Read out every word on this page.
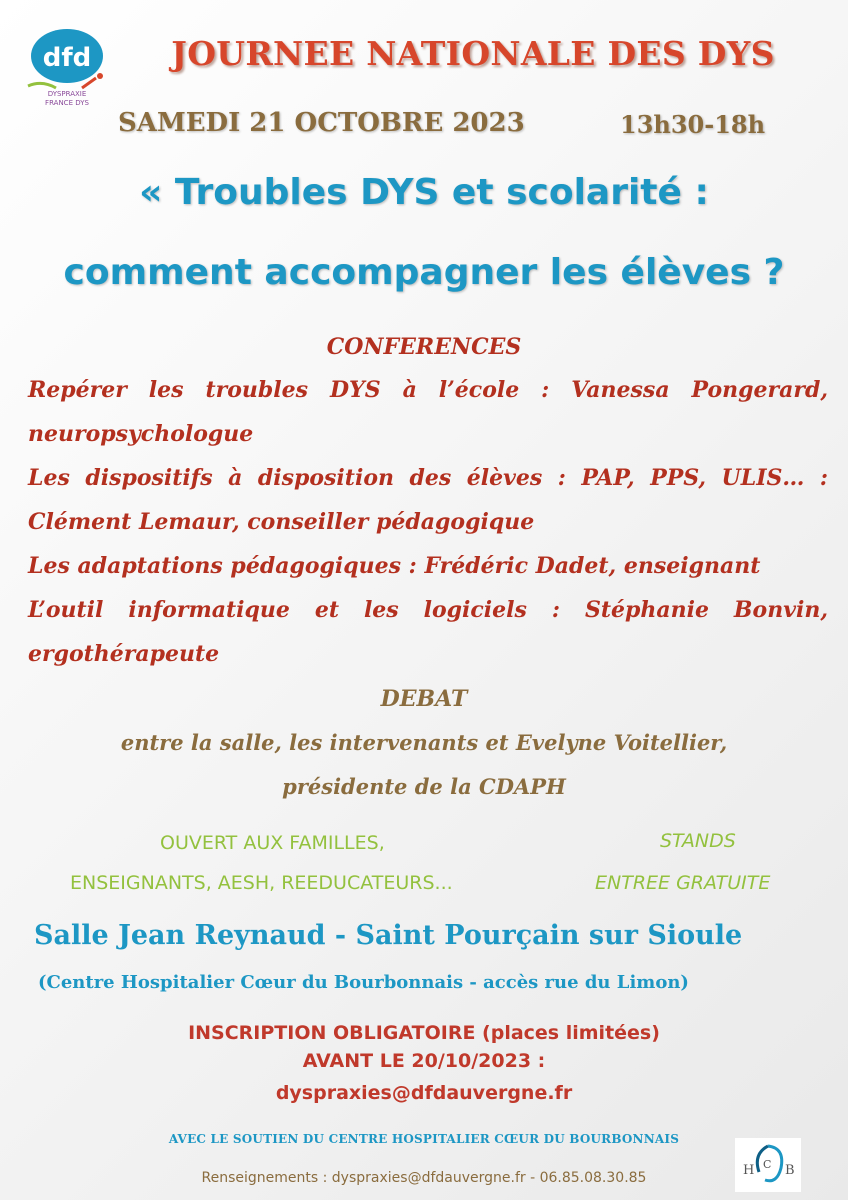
dfd
DYSPRAXIE
FRANCE DYS
JOURNEE NATIONALE DES DYS
SAMEDI 21 OCTOBRE 2023	13h30-18h
« Troubles DYS et scolarité :
comment accompagner les élèves ?
CONFERENCES

Repérer les troubles DYS à l’école : Vanessa Pongerard, neuropsychologue

Les dispositifs à disposition des élèves : PAP, PPS, ULIS… : Clément Lemaur, conseiller pédagogique

Les adaptations pédagogiques : Frédéric Dadet, enseignant

L’outil informatique et les logiciels : Stéphanie Bonvin, ergothérapeute

DEBAT
entre la salle, les intervenants et Evelyne Voitellier,
présidente de la CDAPH
OUVERT AUX FAMILLES,
ENSEIGNANTS, AESH, REEDUCATEURS...
STANDS
ENTREE GRATUITE
Salle Jean Reynaud - Saint Pourçain sur Sioule
(Centre Hospitalier Cœur du Bourbonnais - accès rue du Limon)
INSCRIPTION OBLIGATOIRE (places limitées)
AVANT LE 20/10/2023 :
dyspraxies@dfdauvergne.fr
AVEC LE SOUTIEN DU CENTRE HOSPITALIER CŒUR DU BOURBONNAIS
Renseignements : dyspraxies@dfdauvergne.fr - 06.85.08.30.85	H C B
